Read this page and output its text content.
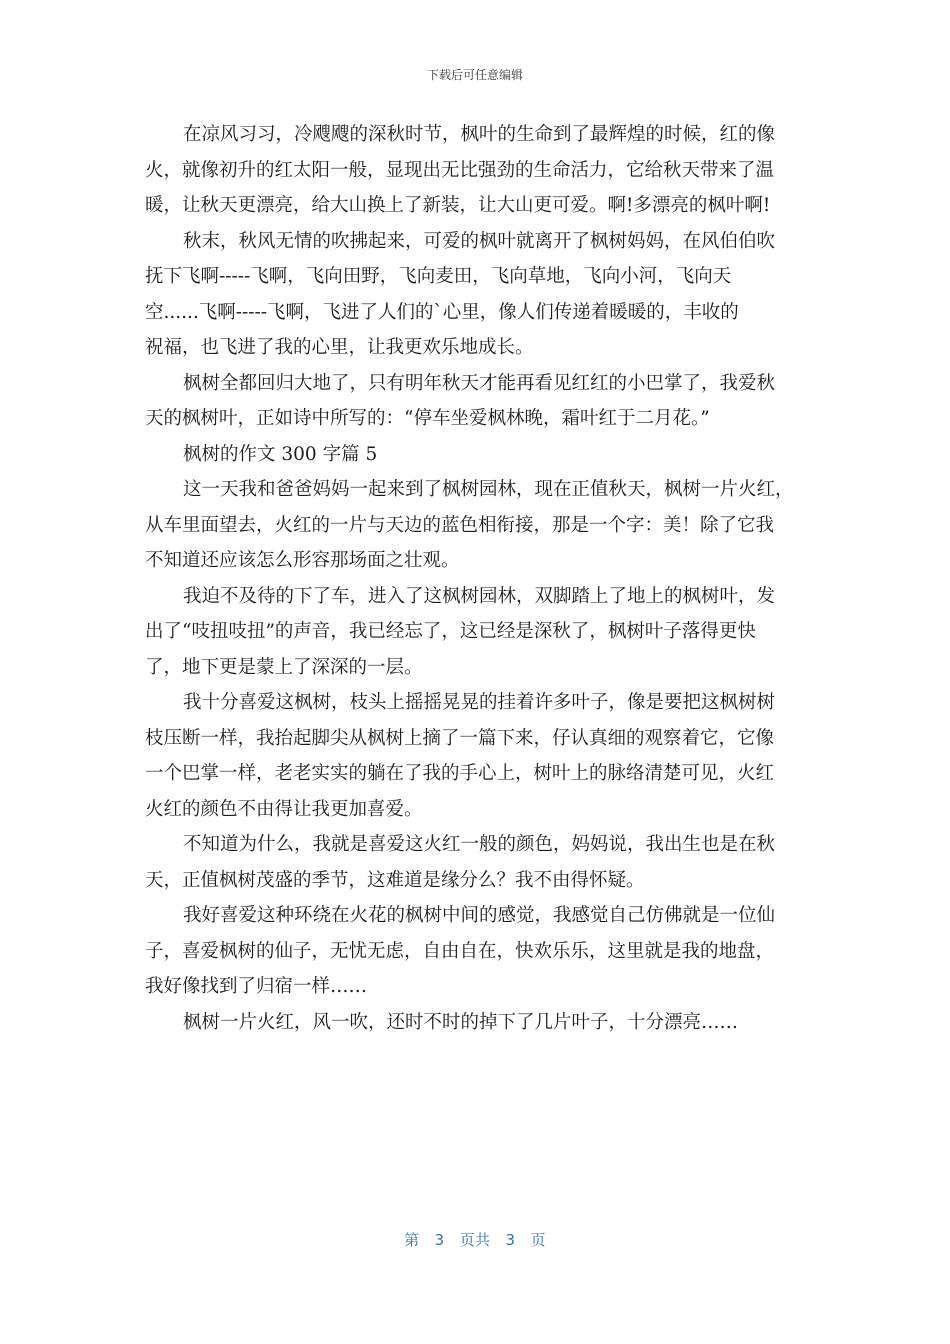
下载后可任意编辑
在凉风习习，冷飕飕的深秋时节，枫叶的生命到了最辉煌的时候，红的像
火，就像初升的红太阳一般，显现出无比强劲的生命活力，它给秋天带来了温
暖，让秋天更漂亮，给大山换上了新装，让大山更可爱。啊!多漂亮的枫叶啊!
秋末，秋风无情的吹拂起来，可爱的枫叶就离开了枫树妈妈，在风伯伯吹
抚下飞啊-----飞啊，飞向田野，飞向麦田，飞向草地，飞向小河，飞向天
空......飞啊-----飞啊，飞进了人们的`心里，像人们传递着暖暖的，丰收的
祝福，也飞进了我的心里，让我更欢乐地成长。
枫树全都回归大地了，只有明年秋天才能再看见红红的小巴掌了，我爱秋
天的枫树叶，正如诗中所写的：“停车坐爱枫林晚，霜叶红于二月花。”
枫树的作文 300 字篇 5
这一天我和爸爸妈妈一起来到了枫树园林，现在正值秋天，枫树一片火红，
从车里面望去，火红的一片与天边的蓝色相衔接，那是一个字：美！除了它我
不知道还应该怎么形容那场面之壮观。
我迫不及待的下了车，进入了这枫树园林，双脚踏上了地上的枫树叶，发
出了“吱扭吱扭”的声音，我已经忘了，这已经是深秋了，枫树叶子落得更快
了，地下更是蒙上了深深的一层。
我十分喜爱这枫树，枝头上摇摇晃晃的挂着许多叶子，像是要把这枫树树
枝压断一样，我抬起脚尖从枫树上摘了一篇下来，仔认真细的观察着它，它像
一个巴掌一样，老老实实的躺在了我的手心上，树叶上的脉络清楚可见，火红
火红的颜色不由得让我更加喜爱。
不知道为什么，我就是喜爱这火红一般的颜色，妈妈说，我出生也是在秋
天，正值枫树茂盛的季节，这难道是缘分么？我不由得怀疑。
我好喜爱这种环绕在火花的枫树中间的感觉，我感觉自己仿佛就是一位仙
子，喜爱枫树的仙子，无忧无虑，自由自在，快欢乐乐，这里就是我的地盘，
我好像找到了归宿一样……
枫树一片火红，风一吹，还时不时的掉下了几片叶子，十分漂亮……
第 3 页共 3 页
